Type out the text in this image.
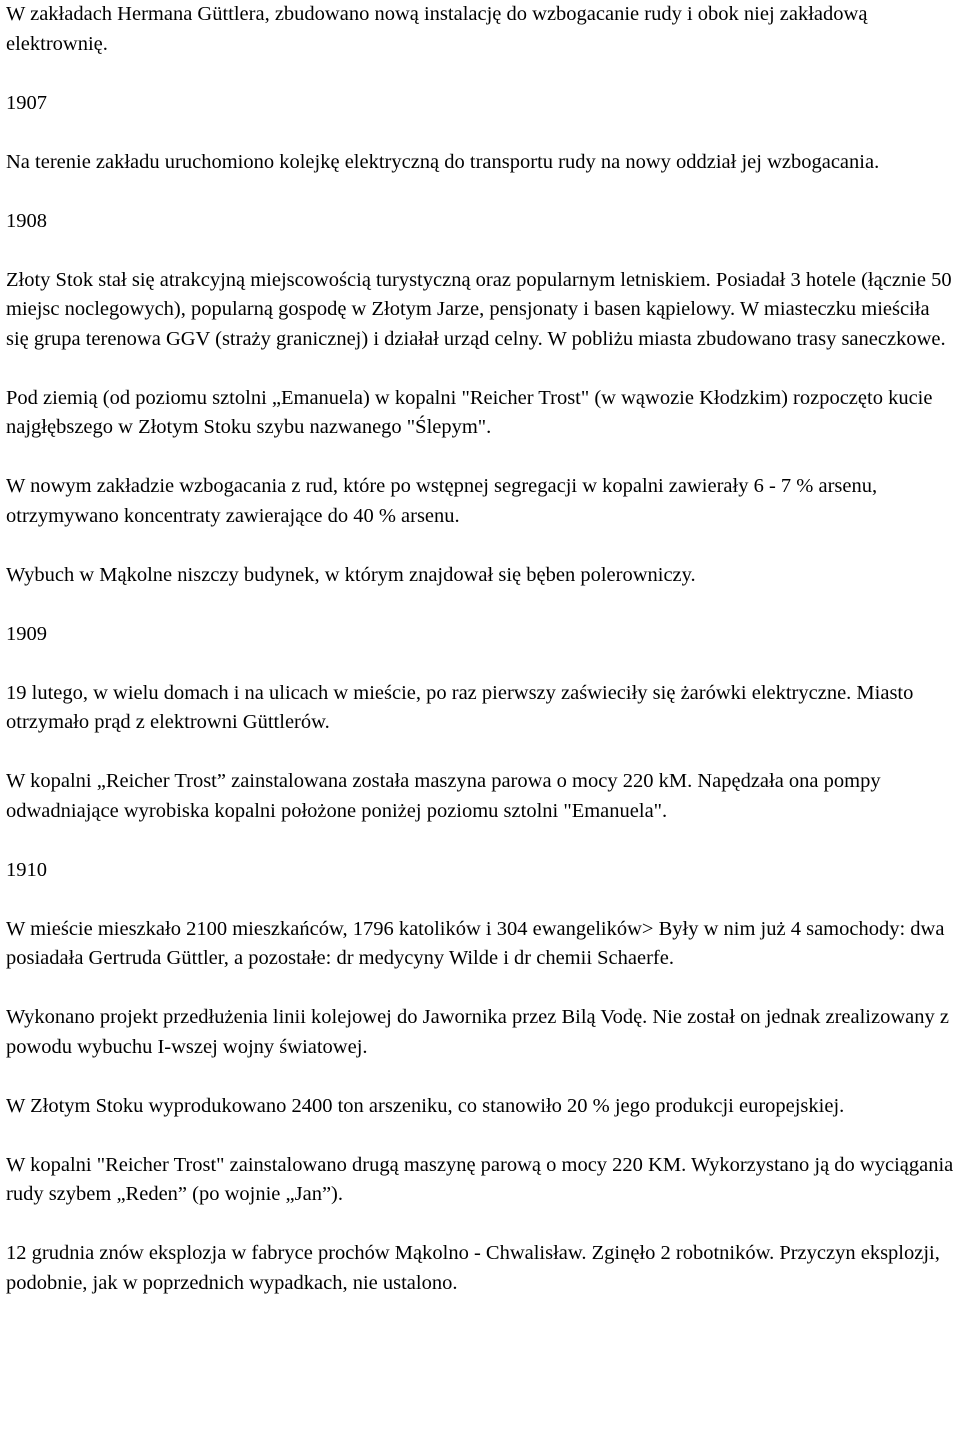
W zakładach Hermana Güttlera, zbudowano nową instalację do wzbogacanie rudy i obok niej zakładową elektrownię.
1907
Na terenie zakładu uruchomiono kolejkę elektryczną do transportu rudy na nowy oddział jej wzbogacania.
1908
Złoty Stok stał się atrakcyjną miejscowością turystyczną oraz popularnym letniskiem. Posiadał 3 hotele (łącznie 50 miejsc noclegowych), popularną gospodę w Złotym Jarze, pensjonaty i basen kąpielowy. W miasteczku mieściła się grupa terenowa GGV (straży granicznej) i działał urząd celny. W pobliżu miasta zbudowano trasy saneczkowe.
Pod ziemią (od poziomu sztolni „Emanuela) w kopalni "Reicher Trost" (w wąwozie Kłodzkim) rozpoczęto kucie najgłębszego w Złotym Stoku szybu nazwanego "Ślepym".
W nowym zakładzie wzbogacania z rud, które po wstępnej segregacji w kopalni zawierały 6 - 7 % arsenu, otrzymywano koncentraty zawierające do 40 % arsenu.
Wybuch w Mąkolne niszczy budynek, w którym znajdował się bęben polerowniczy.
1909
19 lutego, w wielu domach i na ulicach w mieście, po raz pierwszy zaświeciły się żarówki elektryczne. Miasto otrzymało prąd z elektrowni Güttlerów.
W kopalni „Reicher Trost” zainstalowana została maszyna parowa o mocy 220 kM. Napędzała ona pompy odwadniające wyrobiska kopalni położone poniżej poziomu sztolni "Emanuela".
1910
W mieście mieszkało 2100 mieszkańców, 1796 katolików i 304 ewangelików> Były w nim już 4 samochody: dwa posiadała Gertruda Güttler, a pozostałe: dr medycyny Wilde i dr chemii Schaerfe.
Wykonano projekt przedłużenia linii kolejowej do Jawornika przez Bilą Vodę. Nie został on jednak zrealizowany z powodu wybuchu I-wszej wojny światowej.
W Złotym Stoku wyprodukowano 2400 ton arszeniku, co stanowiło 20 % jego produkcji europejskiej.
W kopalni "Reicher Trost" zainstalowano drugą maszynę parową o mocy 220 KM. Wykorzystano ją do wyciągania rudy szybem „Reden” (po wojnie „Jan”).
12 grudnia znów eksplozja w fabryce prochów Mąkolno - Chwalisław. Zginęło 2 robotników. Przyczyn eksplozji, podobnie, jak w poprzednich wypadkach, nie ustalono.
